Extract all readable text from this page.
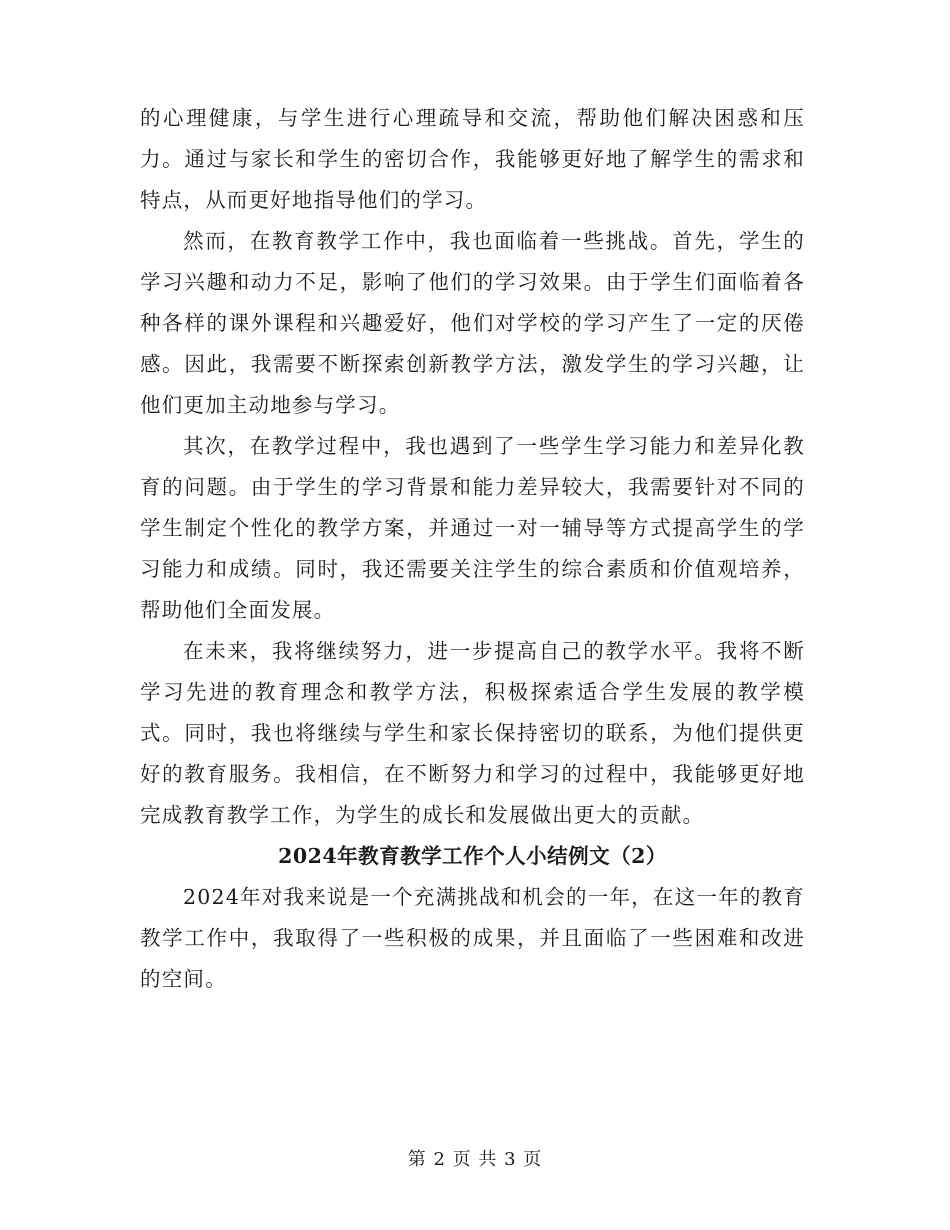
的心理健康，与学生进行心理疏导和交流，帮助他们解决困惑和压力。通过与家长和学生的密切合作，我能够更好地了解学生的需求和特点，从而更好地指导他们的学习。

然而，在教育教学工作中，我也面临着一些挑战。首先，学生的学习兴趣和动力不足，影响了他们的学习效果。由于学生们面临着各种各样的课外课程和兴趣爱好，他们对学校的学习产生了一定的厌倦感。因此，我需要不断探索创新教学方法，激发学生的学习兴趣，让他们更加主动地参与学习。

其次，在教学过程中，我也遇到了一些学生学习能力和差异化教育的问题。由于学生的学习背景和能力差异较大，我需要针对不同的学生制定个性化的教学方案，并通过一对一辅导等方式提高学生的学习能力和成绩。同时，我还需要关注学生的综合素质和价值观培养，帮助他们全面发展。

在未来，我将继续努力，进一步提高自己的教学水平。我将不断学习先进的教育理念和教学方法，积极探索适合学生发展的教学模式。同时，我也将继续与学生和家长保持密切的联系，为他们提供更好的教育服务。我相信，在不断努力和学习的过程中，我能够更好地完成教育教学工作，为学生的成长和发展做出更大的贡献。

2024年教育教学工作个人小结例文（2）

2024年对我来说是一个充满挑战和机会的一年，在这一年的教育教学工作中，我取得了一些积极的成果，并且面临了一些困难和改进的空间。

第 2 页 共 3 页
